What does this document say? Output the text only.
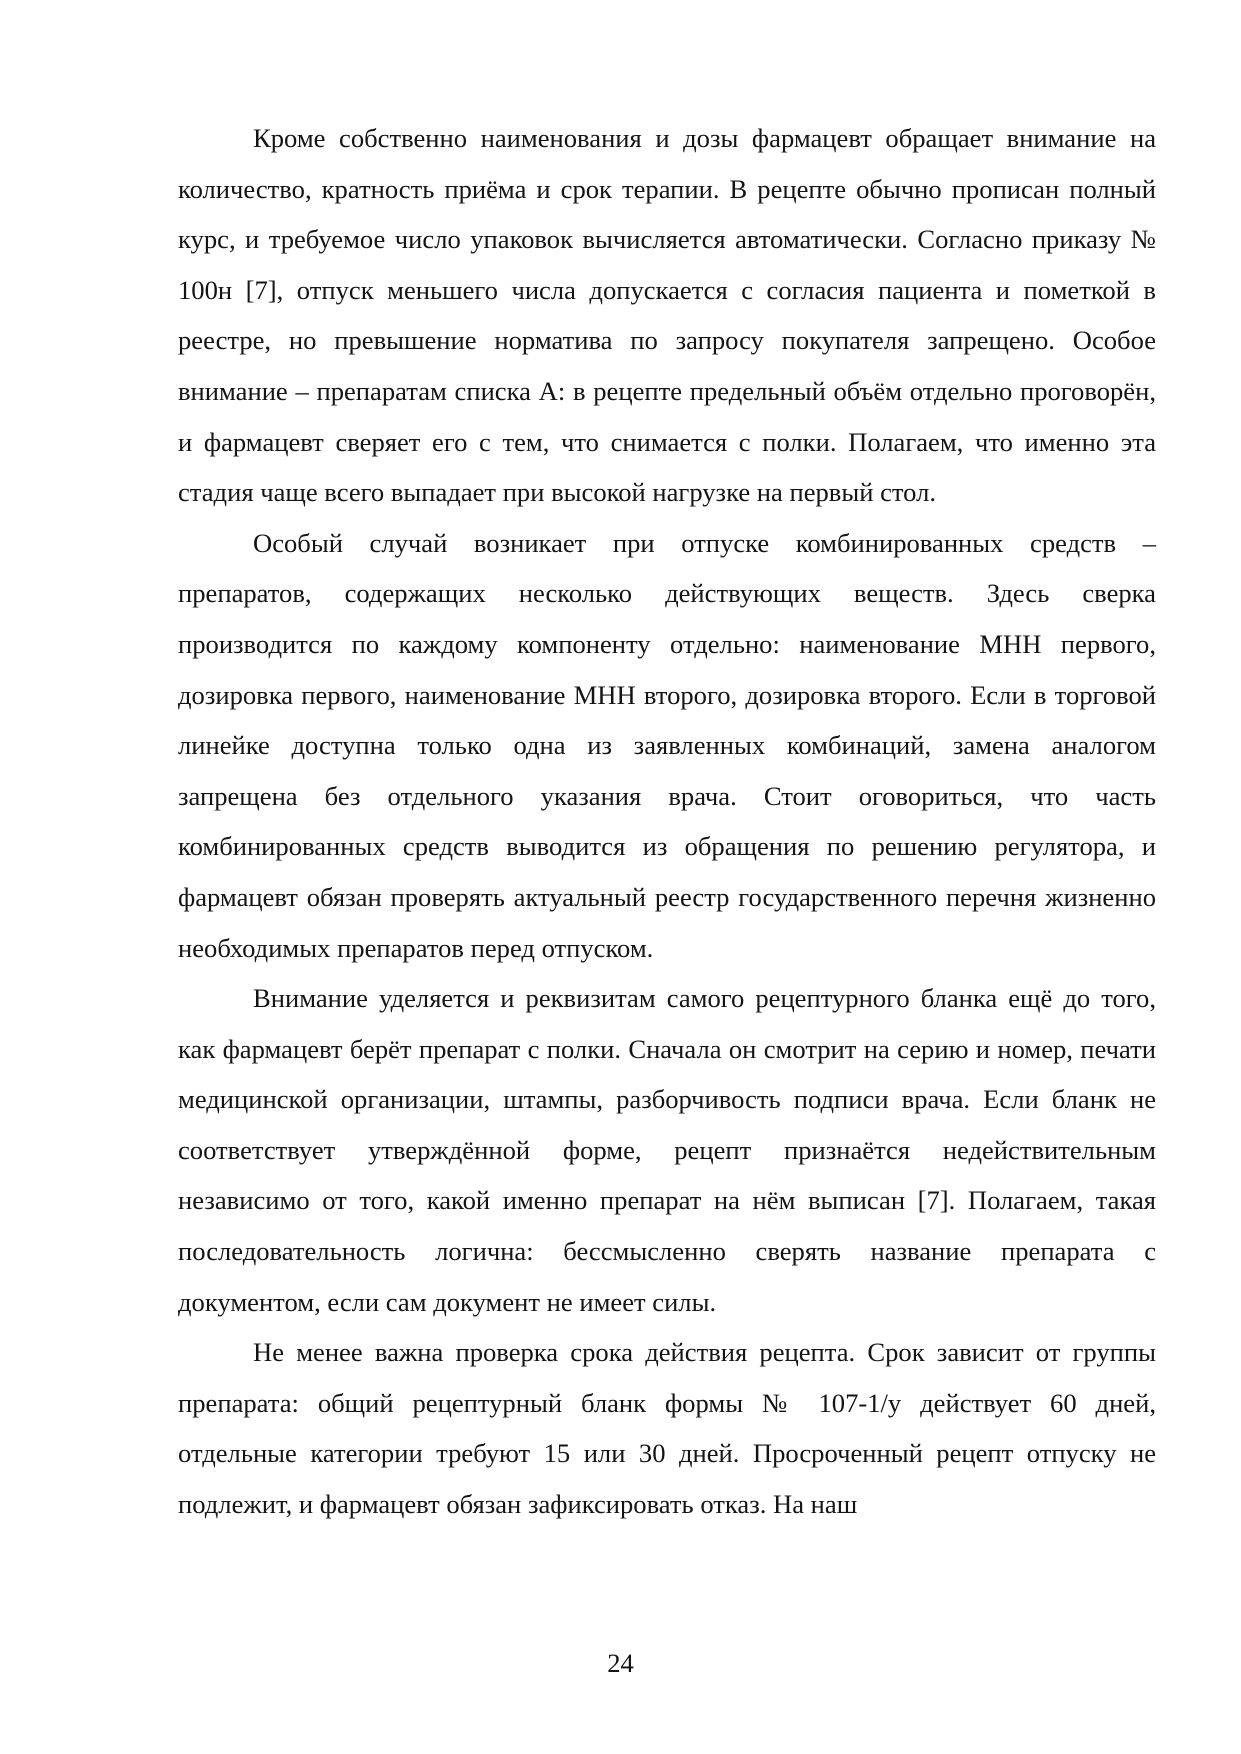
Кроме собственно наименования и дозы фармацевт обращает внимание на количество, кратность приёма и срок терапии. В рецепте обычно прописан полный курс, и требуемое число упаковок вычисляется автоматически. Согласно приказу № 100н [7], отпуск меньшего числа допускается с согласия пациента и пометкой в реестре, но превышение норматива по запросу покупателя запрещено. Особое внимание – препаратам списка А: в рецепте предельный объём отдельно проговорён, и фармацевт сверяет его с тем, что снимается с полки. Полагаем, что именно эта стадия чаще всего выпадает при высокой нагрузке на первый стол.

Особый случай возникает при отпуске комбинированных средств – препаратов, содержащих несколько действующих веществ. Здесь сверка производится по каждому компоненту отдельно: наименование МНН первого, дозировка первого, наименование МНН второго, дозировка второго. Если в торговой линейке доступна только одна из заявленных комбинаций, замена аналогом запрещена без отдельного указания врача. Стоит оговориться, что часть комбинированных средств выводится из обращения по решению регулятора, и фармацевт обязан проверять актуальный реестр государственного перечня жизненно необходимых препаратов перед отпуском.

Внимание уделяется и реквизитам самого рецептурного бланка ещё до того, как фармацевт берёт препарат с полки. Сначала он смотрит на серию и номер, печати медицинской организации, штампы, разборчивость подписи врача. Если бланк не соответствует утверждённой форме, рецепт признаётся недействительным независимо от того, какой именно препарат на нём выписан [7]. Полагаем, такая последовательность логична: бессмысленно сверять название препарата с документом, если сам документ не имеет силы.

Не менее важна проверка срока действия рецепта. Срок зависит от группы препарата: общий рецептурный бланк формы № 107-1/у действует 60 дней, отдельные категории требуют 15 или 30 дней. Просроченный рецепт отпуску не подлежит, и фармацевт обязан зафиксировать отказ. На наш

24
